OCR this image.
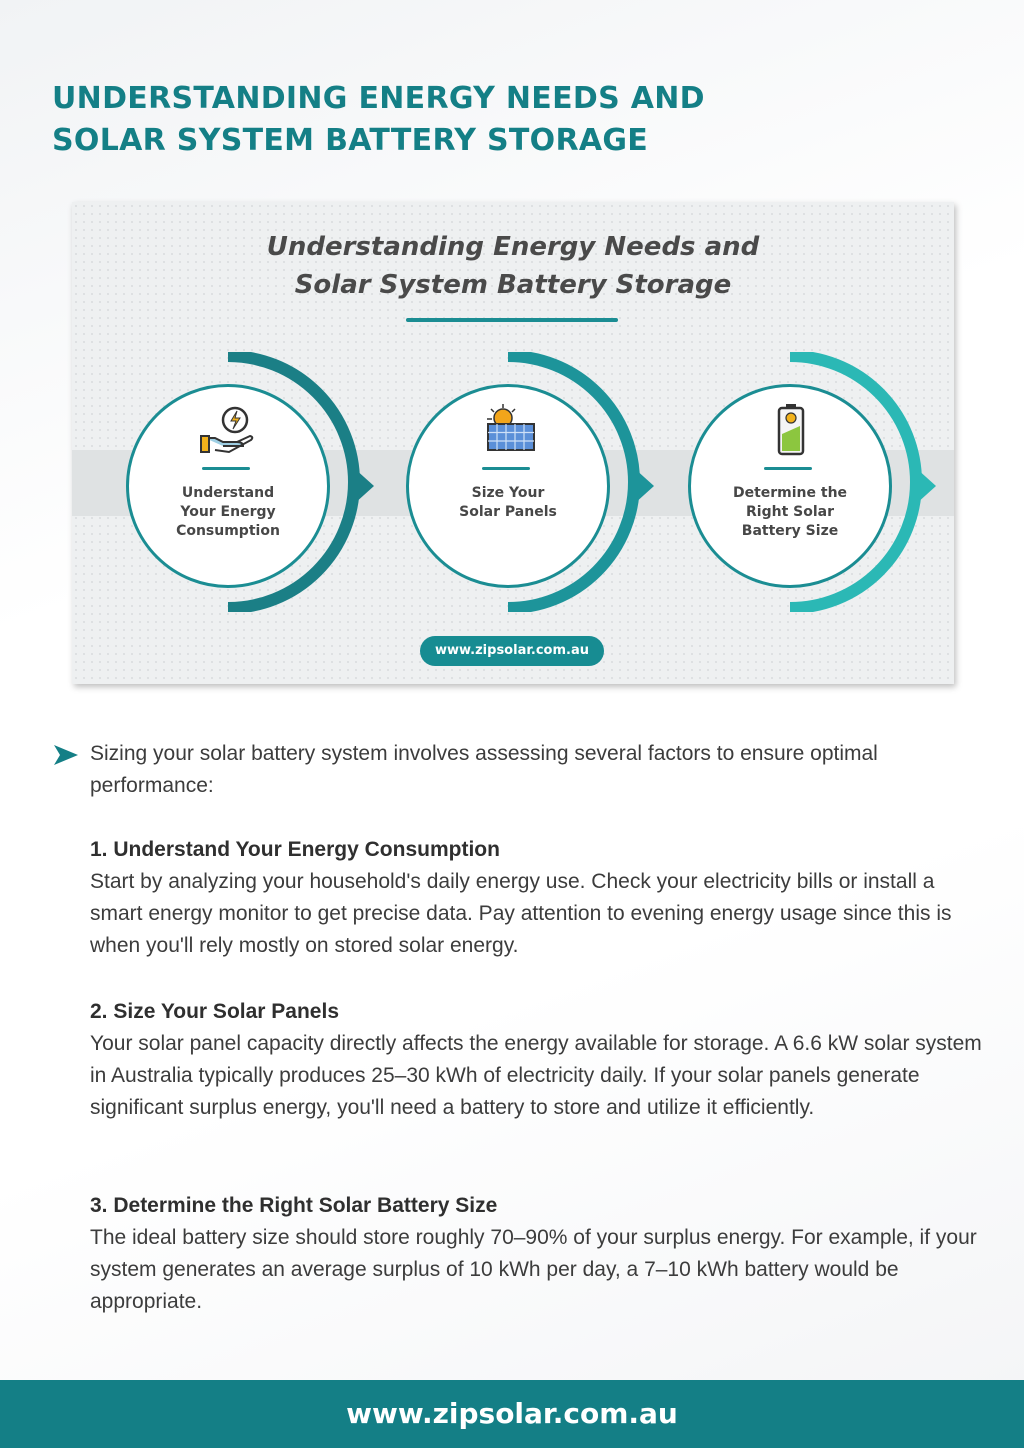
UNDERSTANDING ENERGY NEEDS AND
SOLAR SYSTEM BATTERY STORAGE
Understanding Energy Needs and
Solar System Battery Storage
Understand
Your Energy
Consumption
Size Your
Solar Panels
Determine the
Right Solar
Battery Size
www.zipsolar.com.au

Sizing your solar battery system involves assessing several factors to ensure optimal performance:

1. Understand Your Energy Consumption

Start by analyzing your household's daily energy use. Check your electricity bills or install a smart energy monitor to get precise data. Pay attention to evening energy usage since this is when you'll rely mostly on stored solar energy.

2. Size Your Solar Panels

Your solar panel capacity directly affects the energy available for storage. A 6.6 kW solar system in Australia typically produces 25–30 kWh of electricity daily. If your solar panels generate significant surplus energy, you'll need a battery to store and utilize it efficiently.

3. Determine the Right Solar Battery Size

The ideal battery size should store roughly 70–90% of your surplus energy. For example, if your system generates an average surplus of 10 kWh per day, a 7–10 kWh battery would be appropriate.

www.zipsolar.com.au
